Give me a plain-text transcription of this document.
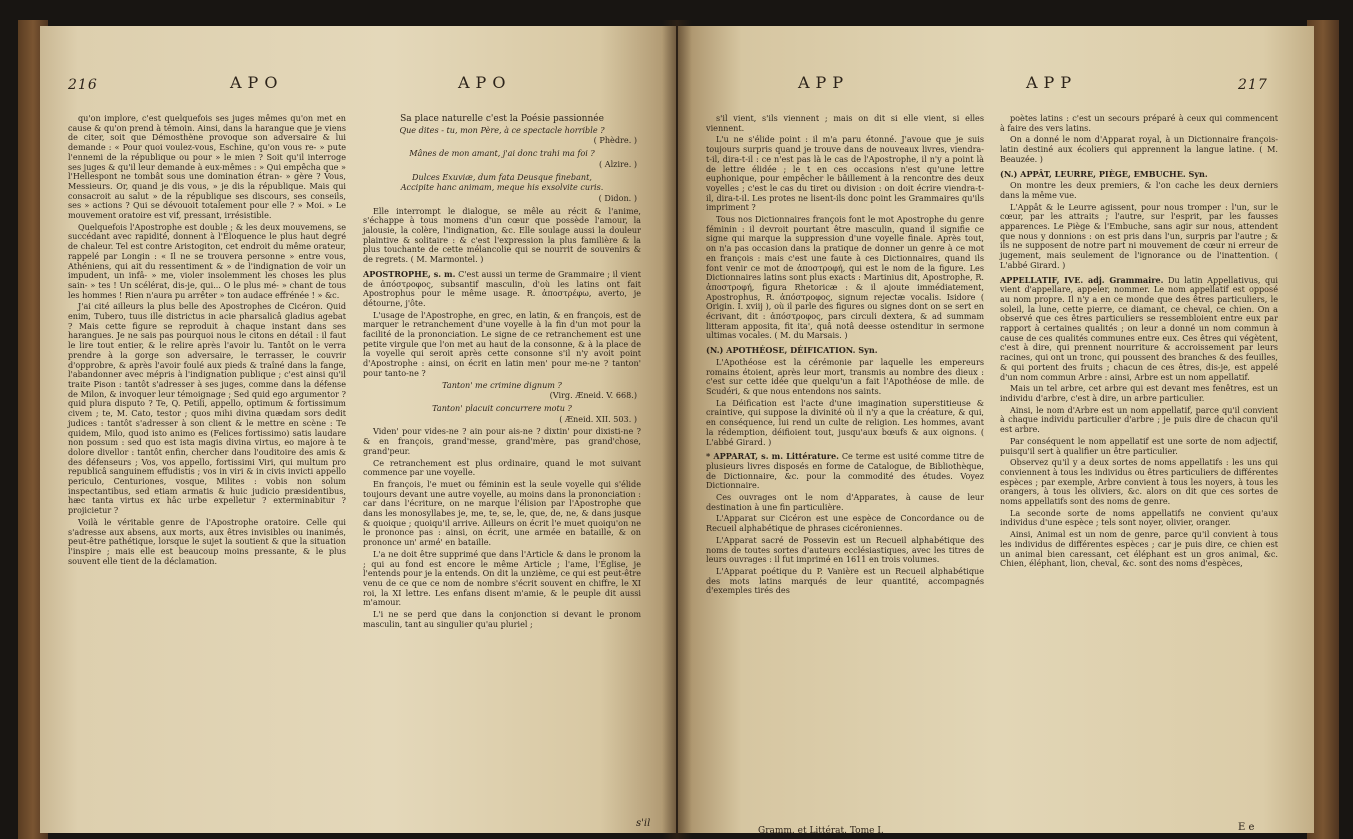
216	APO	APO

qu'on implore, c'est quelquefois ses juges mêmes qu'on met en cause & qu'on prend à témoin. Ainsi, dans la harangue que je viens de citer, soit que Démosthène provoque son adversaire & lui demande : « Pour quoi voulez-vous, Eschine, qu'on vous re- » pute l'ennemi de la république ou pour » le mien ? Soit qu'il interroge ses juges & qu'il leur demande à eux-mêmes : » Qui empêcha que » l'Hellespont ne tombât sous une domination étran- » gère ? Vous, Messieurs. Or, quand je dis vous, » je dis la république. Mais qui consacroit au salut » de la république ses discours, ses conseils, ses » actions ? Qui se dévouoit totalement pour elle ? » Moi. » Le mouvement oratoire est vif, pressant, irrésistible.

Quelquefois l'Apostrophe est double ; & les deux mouvemens, se succédant avec rapidité, donnent à l'Éloquence le plus haut degré de chaleur. Tel est contre Aristogiton, cet endroit du même orateur, rappelé par Longin : « Il ne se trouvera personne » entre vous, Athéniens, qui ait du ressentiment & » de l'indignation de voir un impudent, un infâ- » me, violer insolemment les choses les plus sain- » tes ! Un scélérat, dis-je, qui... O le plus mé- » chant de tous les hommes ! Rien n'aura pu arrêter » ton audace effrénée ! » &c.

J'ai cité ailleurs la plus belle des Apostrophes de Cicéron. Quid enim, Tubero, tuus ille districtus in acie pharsalicâ gladius agebat ? Mais cette figure se reproduit à chaque instant dans ses harangues. Je ne sais pas pourquoi nous le citons en détail : il faut le lire tout entier, & le relire après l'avoir lu. Tantôt on le verra prendre à la gorge son adversaire, le terrasser, le couvrir d'opprobre, & après l'avoir foulé aux pieds & traîné dans la fange, l'abandonner avec mépris à l'indignation publique ; c'est ainsi qu'il traite Pison : tantôt s'adresser à ses juges, comme dans la défense de Milon, & invoquer leur témoignage ; Sed quid ego argumentor ? quid plura disputo ? Te, Q. Petili, appello, optimum & fortissimum civem ; te, M. Cato, testor ; quos mihi divina quædam sors dedit judices : tantôt s'adresser à son client & le mettre en scène : Te quidem, Milo, quod isto animo es (Felices fortissimo) satis laudare non possum : sed quo est ista magis divina virtus, eo majore à te dolore divellor : tantôt enfin, chercher dans l'ouditoire des amis & des défenseurs ; Vos, vos appello, fortissimi Viri, qui multum pro republicâ sanguinem effudistis ; vos in viri & in civis invicti appello periculo, Centuriones, vosque, Milites : vobis non solum inspectantibus, sed etiam armatis & huic judicio præsidentibus, hæc tanta virtus ex hâc urbe expelletur ? exterminabitur ? projicietur ?

Voilà le véritable genre de l'Apostrophe oratoire. Celle qui s'adresse aux absens, aux morts, aux êtres invisibles ou inanimés, peut-être pathétique, lorsque le sujet la soutient & que la situation l'inspire ; mais elle est beaucoup moins pressante, & le plus souvent elle tient de la déclamation.

Sa place naturelle c'est la Poésie passionnée

Que dites - tu, mon Père, à ce spectacle horrible ?

( Phèdre. )

Mânes de mon amant, j'ai donc trahi ma foi ?

( Alzire. )

Dulces Exuviæ, dum fata Deusque finebant,

Accipite hanc animam, meque his exsolvite curis.

( Didon. )

Elle interrompt le dialogue, se mêle au récit & l'anime, s'échappe à tous momens d'un cœur que possède l'amour, la jalousie, la colère, l'indignation, &c. Elle soulage aussi la douleur plaintive & solitaire : & c'est l'expression la plus familière & la plus touchante de cette mélancolie qui se nourrit de souvenirs & de regrets. ( M. Marmontel. )

APOSTROPHE, s. m. C'est aussi un terme de Grammaire ; il vient de ἀπόστροφος, subsantif masculin, d'où les latins ont fait Apostrophus pour le même usage. R. ἀποστρέφω, averto, je détourne, j'ôte.

L'usage de l'Apostrophe, en grec, en latin, & en françois, est de marquer le retranchement d'une voyelle à la fin d'un mot pour la facilité de la prononciation. Le signe de ce retranchement est une petite virgule que l'on met au haut de la consonne, & à la place de la voyelle qui seroit après cette consonne s'il n'y avoit point d'Apostrophe : ainsi, on écrit en latin men' pour me-ne ? tanton' pour tanto-ne ?

Tanton' me crimine dignum ?

(Virg. Æneid. V. 668.)

Tanton' placuit concurrere motu ?

( Æneid. XII. 503. )

Viden' pour vides-ne ? ain pour ais-ne ? dixtin' pour dixisti-ne ? & en françois, grand'messe, grand'mère, pas grand'chose, grand'peur.

Ce retranchement est plus ordinaire, quand le mot suivant commence par une voyelle.

En françois, l'e muet ou féminin est la seule voyelle qui s'élide toujours devant une autre voyelle, au moins dans la prononciation : car dans l'écriture, on ne marque l'élision par l'Apostrophe que dans les monosyllabes je, me, te, se, le, que, de, ne, & dans jusque & quoique ; quoiqu'il arrive. Ailleurs on écrit l'e muet quoiqu'on ne le prononce pas : ainsi, on écrit, une armée en bataille, & on prononce un' armé' en bataille.

L'a ne doit être supprimé que dans l'Article & dans le pronom la ; qui au fond est encore le même Article ; l'ame, l'Église, je l'entends pour je la entends. On dit la unzième, ce qui est peut-être venu de ce que ce nom de nombre s'écrit souvent en chiffre, le XI roi, la XI lettre. Les enfans disent m'amie, & le peuple dit aussi m'amour.

L'i ne se perd que dans la conjonction si devant le pronom masculin, tant au singulier qu'au pluriel ;

s'il
APP	APP	217

s'il vient, s'ils viennent ; mais on dit si elle vient, si elles viennent.

L'u ne s'élide point : il m'a paru étonné. J'avoue que je suis toujours surpris quand je trouve dans de nouveaux livres, viendra-t-il, dira-t-il : ce n'est pas là le cas de l'Apostrophe, il n'y a point là de lettre élidée ; le t en ces occasions n'est qu'une lettre euphonique, pour empêcher le bâillement à la rencontre des deux voyelles ; c'est le cas du tiret ou division : on doit écrire viendra-t-il, dira-t-il. Les protes ne lisent-ils donc point les Grammaires qu'ils impriment ?

Tous nos Dictionnaires françois font le mot Apostrophe du genre féminin : il devroit pourtant être masculin, quand il signifie ce signe qui marque la suppression d'une voyelle finale. Après tout, on n'a pas occasion dans la pratique de donner un genre à ce mot en françois : mais c'est une faute à ces Dictionnaires, quand ils font venir ce mot de ἀποστροφή, qui est le nom de la figure. Les Dictionnaires latins sont plus exacts : Martinius dit, Apostrophe, R. ἀποστροφή, figura Rhetoricæ : & il ajoute immédiatement, Apostrophus, R. ἀπόστροφος, signum rejectæ vocalis. Isidore ( Origin. I. xviij ), où il parle des figures ou signes dont on se sert en écrivant, dit : ἀπόστροφος, pars circuli dextera, & ad summam litteram apposita, fit ita', quâ notâ deesse ostenditur in sermone ultimas vocales. ( M. du Marsais. )

(N.) APOTHÉOSE, DÉIFICATION. Syn.

L'Apothéose est la cérémonie par laquelle les empereurs romains étoient, après leur mort, transmis au nombre des dieux : c'est sur cette idée que quelqu'un a fait l'Apothéose de mlle. de Scudéri, & que nous entendons nos saints.

La Déification est l'acte d'une imagination superstitieuse & craintive, qui suppose la divinité où il n'y a que la créature, & qui, en conséquence, lui rend un culte de religion. Les hommes, avant la rédemption, déifioient tout, jusqu'aux bœufs & aux oignons. ( L'abbé Girard. )

* APPARAT, s. m. Littérature. Ce terme est usité comme titre de plusieurs livres disposés en forme de Catalogue, de Bibliothèque, de Dictionnaire, &c. pour la commodité des études. Voyez Dictionnaire.

Ces ouvrages ont le nom d'Apparates, à cause de leur destination à une fin particulière.

L'Apparat sur Cicéron est une espèce de Concordance ou de Recueil alphabétique de phrases cicéroniennes.

L'Apparat sacré de Possevin est un Recueil alphabétique des noms de toutes sortes d'auteurs ecclésiastiques, avec les titres de leurs ouvrages : il fut imprimé en 1611 en trois volumes.

L'Apparat poétique du P. Vanière est un Recueil alphabétique des mots latins marqués de leur quantité, accompagnés d'exemples tirés des

Gramm. et Littérat. Tome I.

poètes latins : c'est un secours préparé à ceux qui commencent à faire des vers latins.

On a donné le nom d'Apparat royal, à un Dictionnaire françois-latin destiné aux écoliers qui apprennent la langue latine. ( M. Beauzée. )

(N.) APPÂT, LEURRE, PIÈGE, EMBUCHE. Syn.

On montre les deux premiers, & l'on cache les deux derniers dans la même vue.

L'Appât & le Leurre agissent, pour nous tromper : l'un, sur le cœur, par les attraits ; l'autre, sur l'esprit, par les fausses apparences. Le Piège & l'Embuche, sans agir sur nous, attendent que nous y donnions : on est pris dans l'un, surpris par l'autre ; & ils ne supposent de notre part ni mouvement de cœur ni erreur de jugement, mais seulement de l'ignorance ou de l'inattention. ( L'abbé Girard. )

APPELLATIF, IVE. adj. Grammaire. Du latin Appellativus, qui vient d'appellare, appeler, nommer. Le nom appellatif est opposé au nom propre. Il n'y a en ce monde que des êtres particuliers, le soleil, la lune, cette pierre, ce diamant, ce cheval, ce chien. On a observé que ces êtres particuliers se ressembloient entre eux par rapport à certaines qualités ; on leur a donné un nom commun à cause de ces qualités communes entre eux. Ces êtres qui végètent, c'est à dire, qui prennent nourriture & accroissement par leurs racines, qui ont un tronc, qui poussent des branches & des feuilles, & qui portent des fruits ; chacun de ces êtres, dis-je, est appelé d'un nom commun Arbre : ainsi, Arbre est un nom appellatif.

Mais un tel arbre, cet arbre qui est devant mes fenêtres, est un individu d'arbre, c'est à dire, un arbre particulier.

Ainsi, le nom d'Arbre est un nom appellatif, parce qu'il convient à chaque individu particulier d'arbre ; je puis dire de chacun qu'il est arbre.

Par conséquent le nom appellatif est une sorte de nom adjectif, puisqu'il sert à qualifier un être particulier.

Observez qu'il y a deux sortes de noms appellatifs : les uns qui conviennent à tous les individus ou êtres particuliers de différentes espèces ; par exemple, Arbre convient à tous les noyers, à tous les orangers, à tous les oliviers, &c. alors on dit que ces sortes de noms appellatifs sont des noms de genre.

La seconde sorte de noms appellatifs ne convient qu'aux individus d'une espèce ; tels sont noyer, olivier, oranger.

Ainsi, Animal est un nom de genre, parce qu'il convient à tous les individus de différentes espèces ; car je puis dire, ce chien est un animal bien caressant, cet éléphant est un gros animal, &c. Chien, éléphant, lion, cheval, &c. sont des noms d'espèces,

E e
